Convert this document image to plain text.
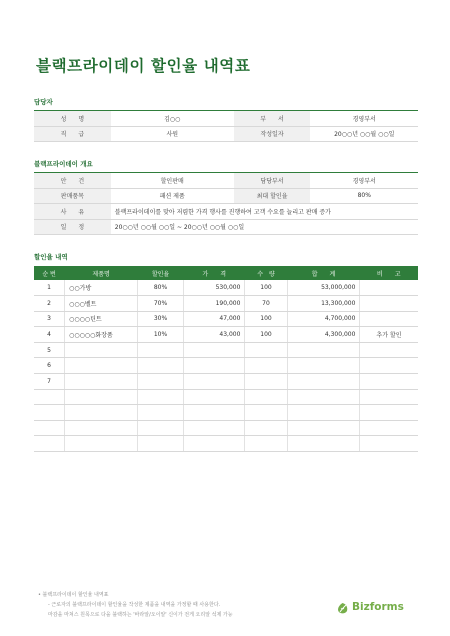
블랙프라이데이 할인율 내역표
담당자
성　　명	김○○	부　　서	경영부서
직　　급	사원	작성일자	20○○년 ○○월 ○○일
블랙프라이데이 개요
안　　건	할인판매	담당부서	경영부서
판매품목	패션 제품	최대 할인율	80%
사　　유	블랙프라이데이를 맞아 저렴한 가격 행사를 진행하여 고객 수요를 늘리고 판매 증가		
일　　정	20○○년 ○○월 ○○일 ~ 20○○년 ○○월 ○○일		
할인율 내역
순 번	제품명	할인율	가　　격	수　량	합　　계	비　　고
1	○○가방	80%	530,000	100	53,000,000	
2	○○○벨트	70%	190,000	70	13,300,000	
3	○○○○틴트	30%	47,000	100	4,700,000	
4	○○○○○화장품	10%	43,000	100	4,300,000	추가 할인
5						
6						
7						

• 블랙프라이데이 할인율 내역표
- 근로자의 블랙프라이데이 할인율을 작성한 제품을 내역을 가정할 때 사용한다.
마감을 마쳐스 원목으로 다을 블랙하는 '바라알/오이알' 신이가 전게 오리알 석제 가능
Bizforms
